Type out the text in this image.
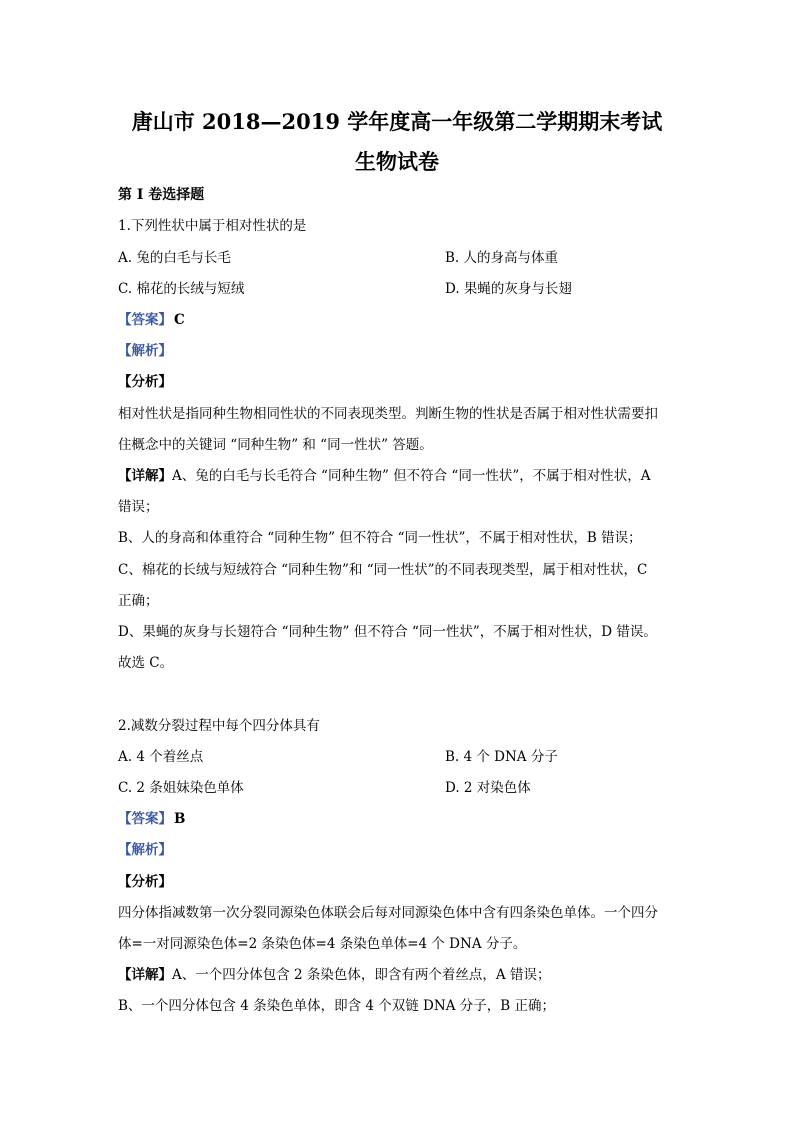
唐山市 2018—2019 学年度高一年级第二学期期末考试
生物试卷
第 I 卷选择题
1.下列性状中属于相对性状的是
A. 兔的白毛与长毛	B. 人的身高与体重
C. 棉花的长绒与短绒	D. 果蝇的灰身与长翅
【答案】 C
【解析】
【分析】
相对性状是指同种生物相同性状的不同表现类型。判断生物的性状是否属于相对性状需要扣
住概念中的关键词 “同种生物” 和 “同一性状” 答题。
【详解】A、兔的白毛与长毛符合 “同种生物” 但不符合 “同一性状”，不属于相对性状，A
错误；
B、人的身高和体重符合 “同种生物” 但不符合 “同一性状”，不属于相对性状，B 错误；
C、棉花的长绒与短绒符合 “同种生物”和 “同一性状”的不同表现类型，属于相对性状，C
正确；
D、果蝇的灰身与长翅符合 “同种生物” 但不符合 “同一性状”，不属于相对性状，D 错误。
故选 C。
2.减数分裂过程中每个四分体具有
A. 4 个着丝点	B. 4 个 DNA 分子
C. 2 条姐妹染色单体	D. 2 对染色体
【答案】 B
【解析】
【分析】
四分体指减数第一次分裂同源染色体联会后每对同源染色体中含有四条染色单体。一个四分
体=一对同源染色体=2 条染色体=4 条染色单体=4 个 DNA 分子。
【详解】A、一个四分体包含 2 条染色体，即含有两个着丝点，A 错误；
B、一个四分体包含 4 条染色单体，即含 4 个双链 DNA 分子，B 正确；
